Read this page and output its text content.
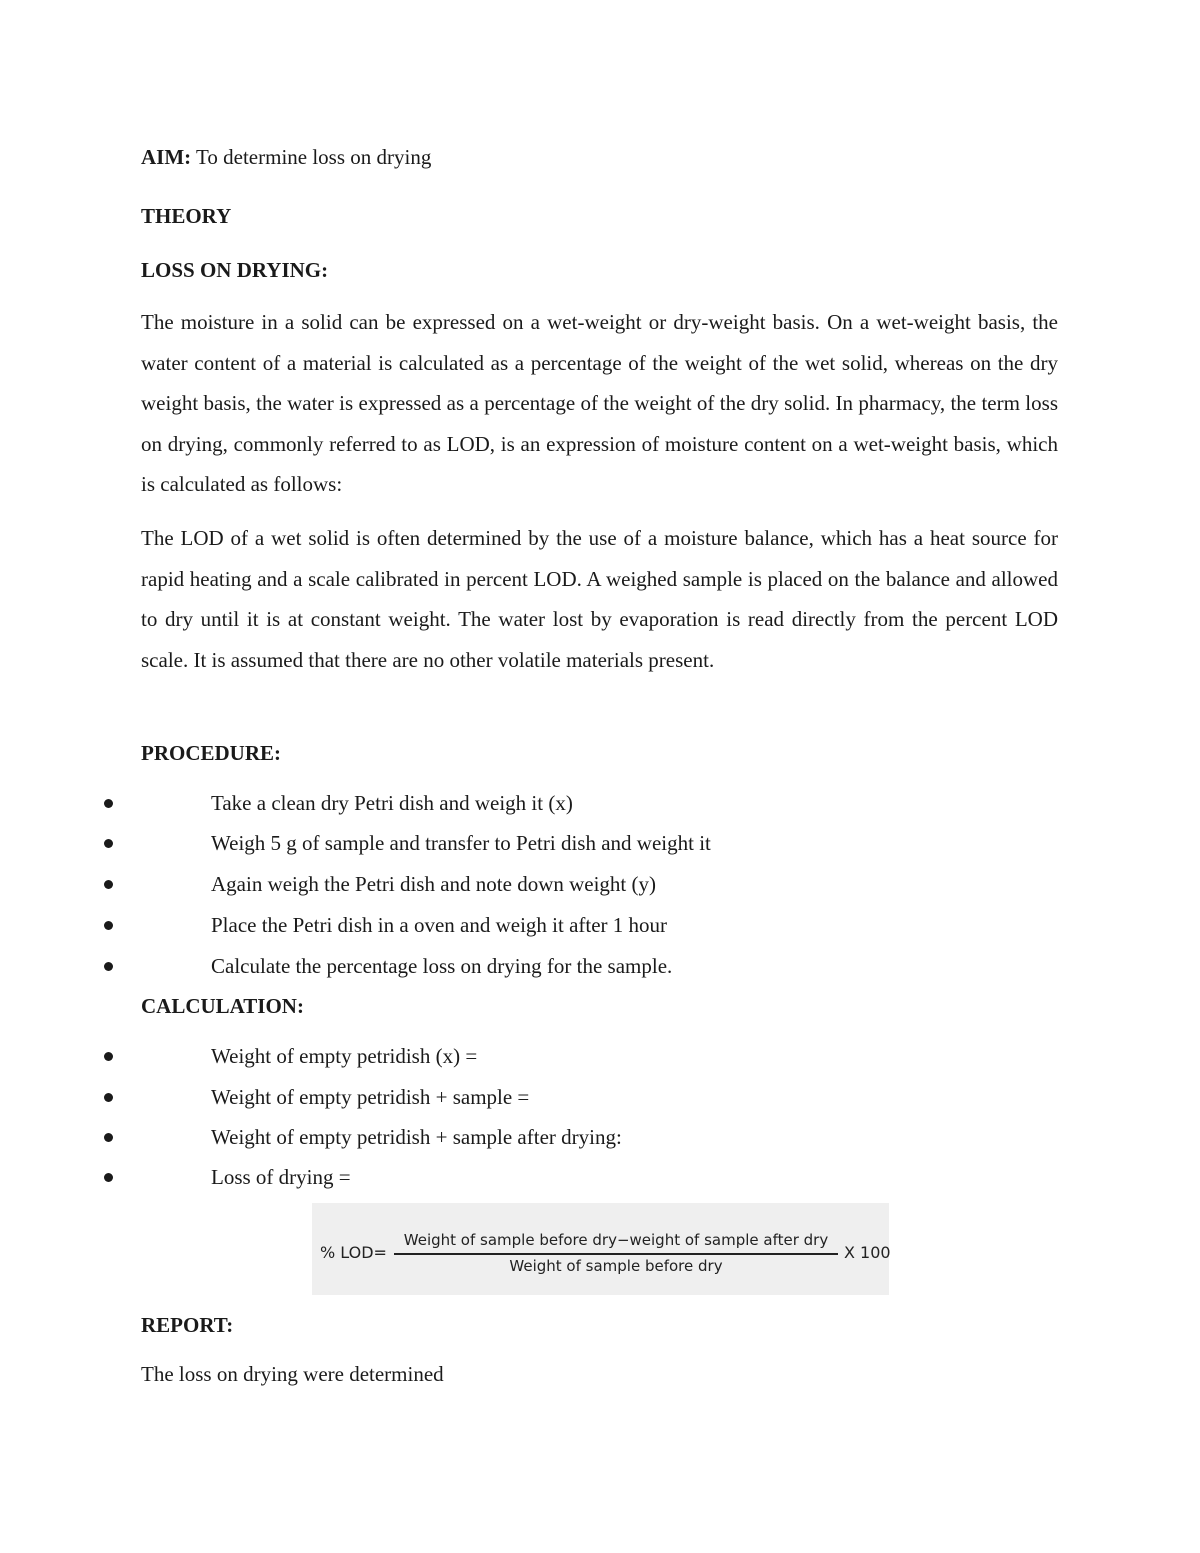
AIM: To determine loss on drying
THEORY
LOSS ON DRYING:
The moisture in a solid can be expressed on a wet-weight or dry-weight basis. On a wet-weight basis, the water content of a material is calculated as a percentage of the weight of the wet solid, whereas on the dry weight basis, the water is expressed as a percentage of the weight of the dry solid. In pharmacy, the term loss on drying, commonly referred to as LOD, is an expression of moisture content on a wet-weight basis, which is calculated as follows:
The LOD of a wet solid is often determined by the use of a moisture balance, which has a heat source for rapid heating and a scale calibrated in percent LOD. A weighed sample is placed on the balance and allowed to dry until it is at constant weight. The water lost by evaporation is read directly from the percent LOD scale. It is assumed that there are no other volatile materials present.
PROCEDURE:
Take a clean dry Petri dish and weigh it (x)
Weigh 5 g of sample and transfer to Petri dish and weight it
Again weigh the Petri dish and note down weight (y)
Place the Petri dish in a oven and weigh it after 1 hour
Calculate the percentage loss on drying for the sample.
CALCULATION:
Weight of empty petridish (x) =
Weight of empty petridish + sample =
Weight of empty petridish + sample after drying:
Loss of drying =
% LOD=
Weight of sample before dry−weight of sample after dry
Weight of sample before dry
X 100
REPORT:
The loss on drying were determined
